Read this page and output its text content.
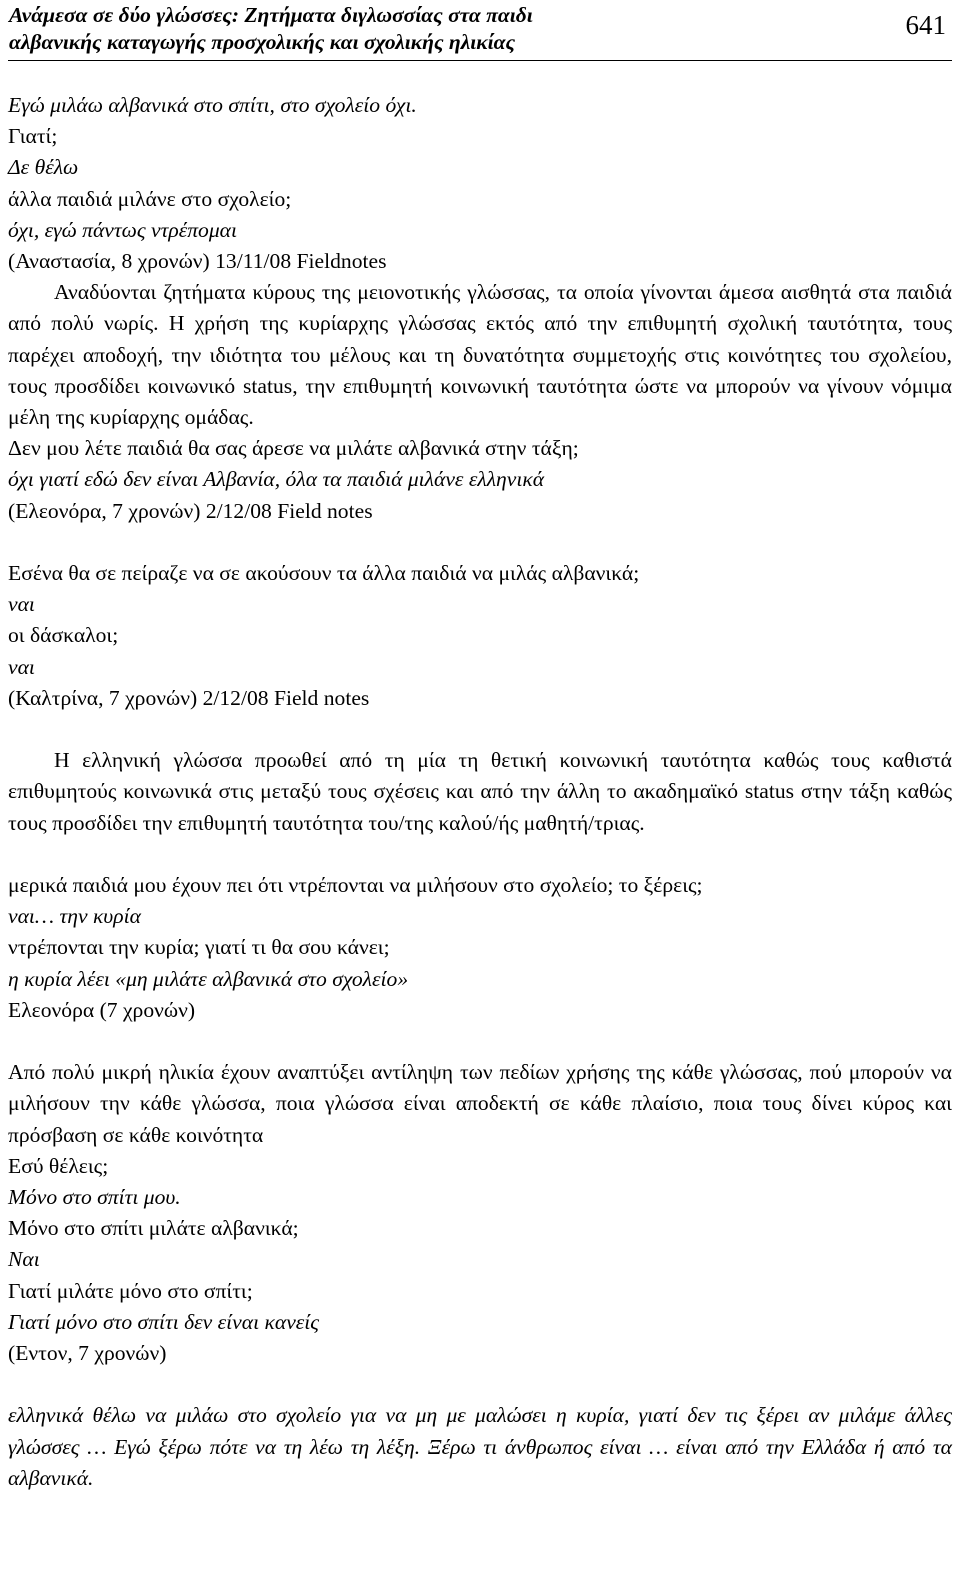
Ανάμεσα σε δύο γλώσσες: Ζητήματα διγλωσσίας στα παιδι
αλβανικής καταγωγής προσχολικής και σχολικής ηλικίας
641

Εγώ μιλάω αλβανικά στο σπίτι, στο σχολείο όχι.

Γιατί;

Δε θέλω

άλλα παιδιά μιλάνε στο σχολείο;

όχι, εγώ πάντως ντρέπομαι

(Αναστασία, 8 χρονών) 13/11/08 Fieldnotes

Αναδύονται ζητήματα κύρους της μειονοτικής γλώσσας, τα οποία γίνονται άμεσα αισθητά στα παιδιά από πολύ νωρίς. Η χρήση της κυρίαρχης γλώσσας εκτός από την επιθυμητή σχολική ταυτότητα, τους παρέχει αποδοχή, την ιδιότητα του μέλους και τη δυνατότητα συμμετοχής στις κοινότητες του σχολείου, τους προσδίδει κοινωνικό status, την επιθυμητή κοινωνική ταυτότητα ώστε να μπορούν να γίνουν νόμιμα μέλη της κυρίαρχης ομάδας.

Δεν μου λέτε παιδιά θα σας άρεσε να μιλάτε αλβανικά στην τάξη;

όχι γιατί εδώ δεν είναι Αλβανία, όλα τα παιδιά μιλάνε ελληνικά

(Ελεονόρα, 7 χρονών) 2/12/08 Field notes

Εσένα θα σε πείραζε να σε ακούσουν τα άλλα παιδιά να μιλάς αλβανικά;

ναι

οι δάσκαλοι;

ναι

(Καλτρίνα, 7 χρονών) 2/12/08 Field notes

Η ελληνική γλώσσα προωθεί από τη μία τη θετική κοινωνική ταυτότητα καθώς τους καθιστά επιθυμητούς κοινωνικά στις μεταξύ τους σχέσεις και από την άλλη το ακαδημαϊκό status στην τάξη καθώς τους προσδίδει την επιθυμητή ταυτότητα του/της καλού/ής μαθητή/τριας.

μερικά παιδιά μου έχουν πει ότι ντρέπονται να μιλήσουν στο σχολείο; το ξέρεις;

ναι… την κυρία

ντρέπονται την κυρία; γιατί τι θα σου κάνει;

η κυρία λέει «μη μιλάτε αλβανικά στο σχολείο»

Ελεονόρα (7 χρονών)

Από πολύ μικρή ηλικία έχουν αναπτύξει αντίληψη των πεδίων χρήσης της κάθε γλώσσας, πού μπορούν να μιλήσουν την κάθε γλώσσα, ποια γλώσσα είναι αποδεκτή σε κάθε πλαίσιο, ποια τους δίνει κύρος και πρόσβαση σε κάθε κοινότητα

Εσύ θέλεις;

Μόνο στο σπίτι μου.

Μόνο στο σπίτι μιλάτε αλβανικά;

Ναι

Γιατί μιλάτε μόνο στο σπίτι;

Γιατί μόνο στο σπίτι δεν είναι κανείς

(Εντον, 7 χρονών)

ελληνικά θέλω να μιλάω στο σχολείο για να μη με μαλώσει η κυρία, γιατί δεν τις ξέρει αν μιλάμε άλλες γλώσσες … Εγώ ξέρω πότε να τη λέω τη λέξη. Ξέρω τι άνθρωπος είναι … είναι από την Ελλάδα ή από τα αλβανικά.
